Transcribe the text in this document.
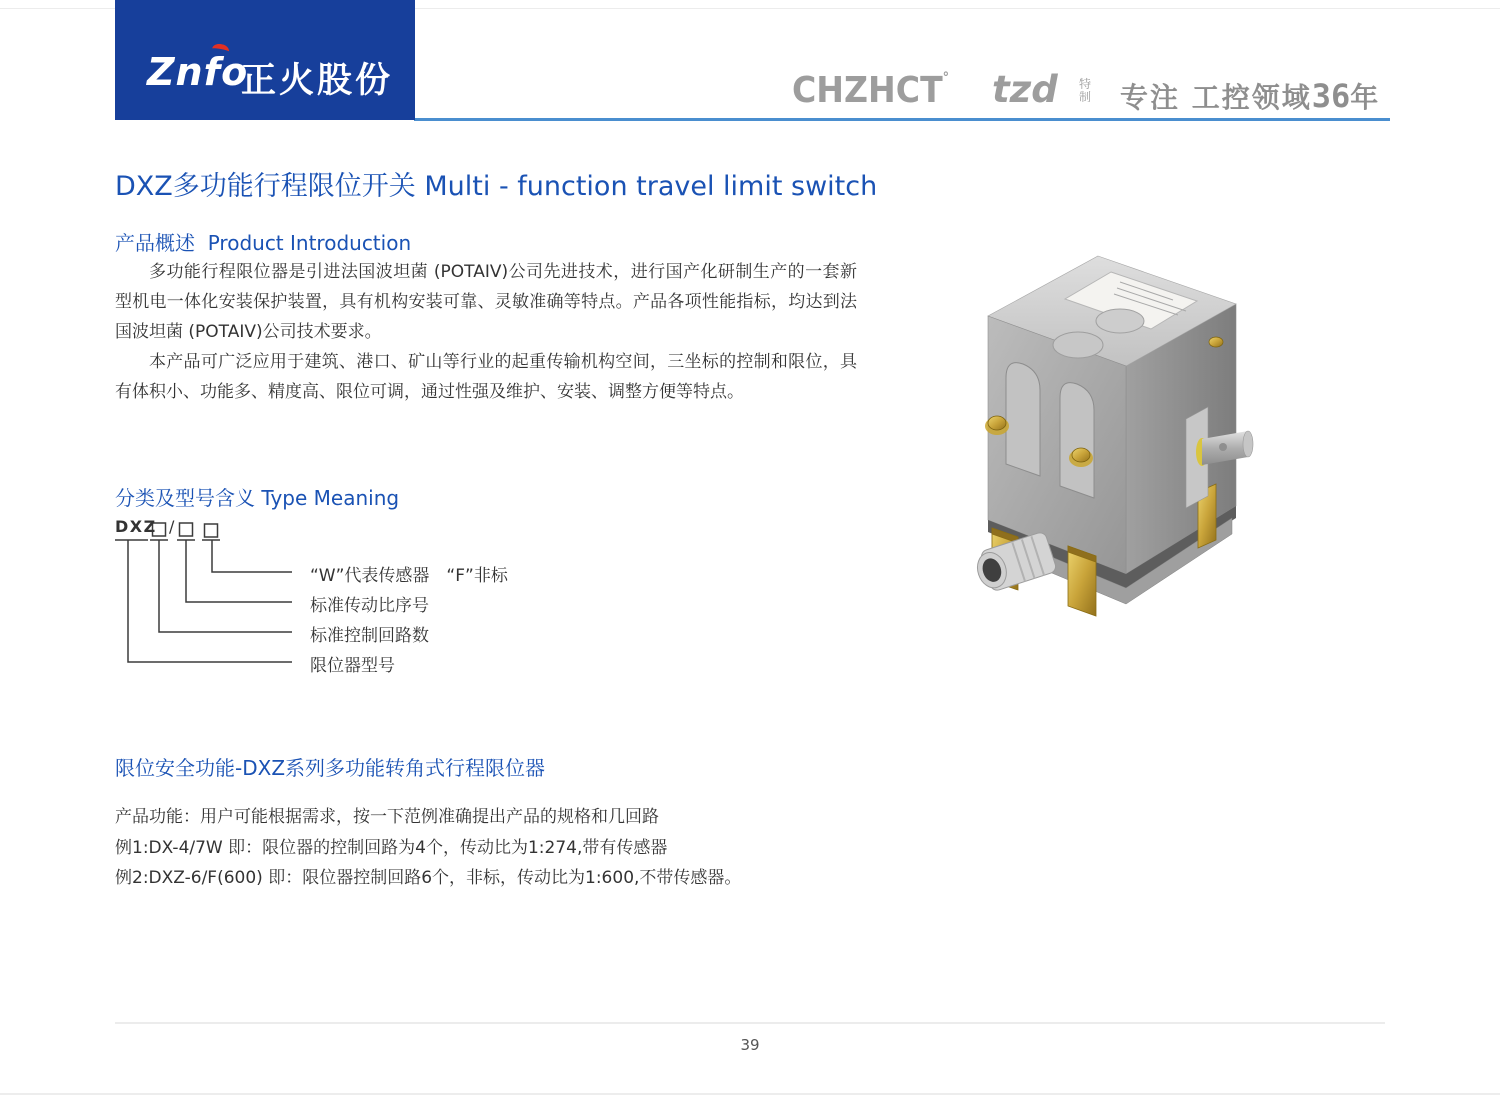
Znfo
正火股份	CHZHCT° tzd 特制 专注 工控领域36年
DXZ多功能行程限位开关 Multi - function travel limit switch
产品概述  Product Introduction

多功能行程限位器是引进法国波坦菌 (POTAIV)公司先进技术，进行国产化研制生产的一套新型机电一体化安装保护装置，具有机构安装可靠、灵敏准确等特点。产品各项性能指标，均达到法国波坦菌 (POTAIV)公司技术要求。

本产品可广泛应用于建筑、港口、矿山等行业的起重传输机构空间，三坐标的控制和限位，具有体积小、功能多、精度高、限位可调，通过性强及维护、安装、调整方便等特点。

分类及型号含义 Type Meaning
DXZ /
“W”代表传感器　“F”非标
标准传动比序号
标准控制回路数
限位器型号
限位安全功能-DXZ系列多功能转角式行程限位器

产品功能：用户可能根据需求，按一下范例准确提出产品的规格和几回路

例1:DX-4/7W 即：限位器的控制回路为4个，传动比为1:274,带有传感器

例2:DXZ-6/F(600) 即：限位器控制回路6个，非标，传动比为1:600,不带传感器。

39
